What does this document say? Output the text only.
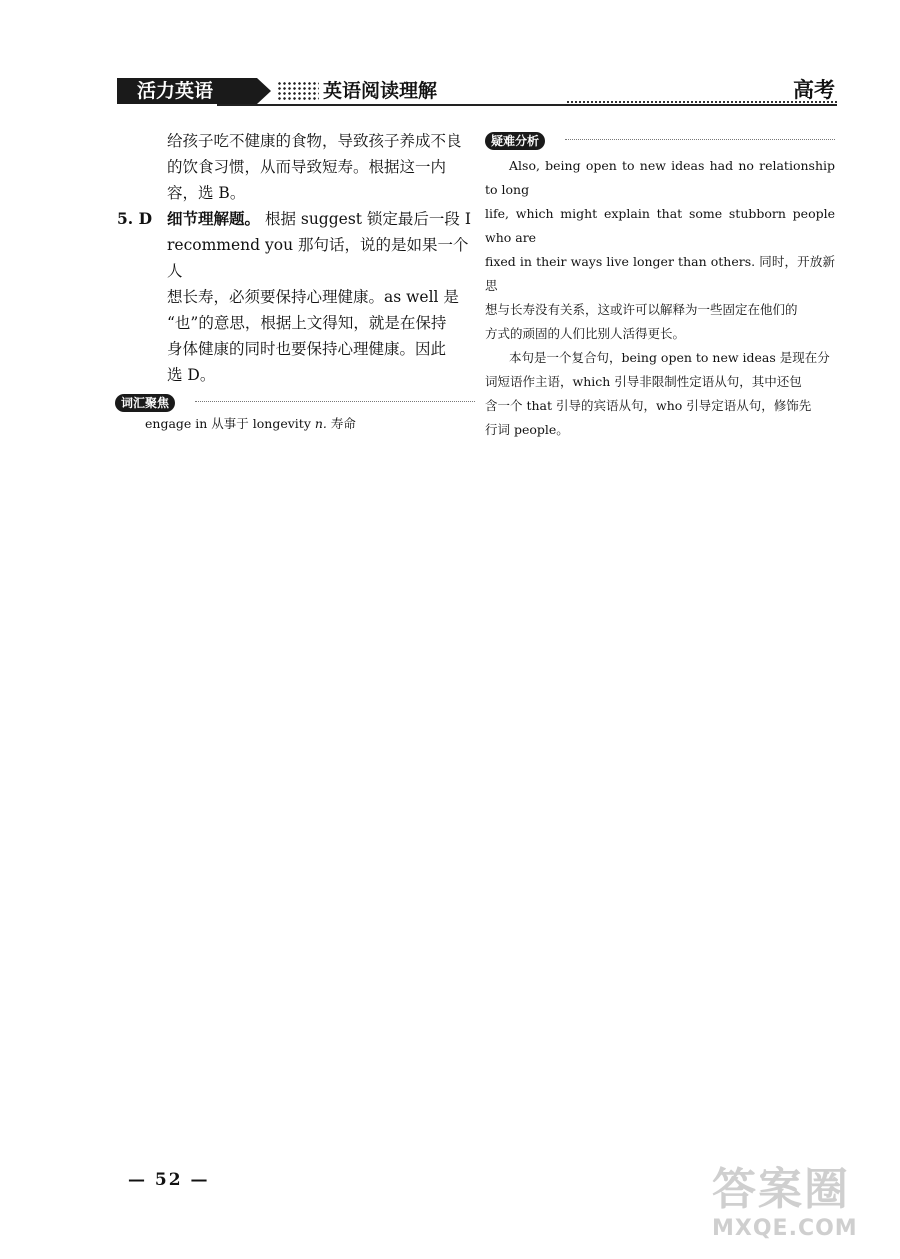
活力英语	英语阅读理解	高考

给孩子吃不健康的食物，导致孩子养成不良

的饮食习惯，从而导致短寿。根据这一内

容，选 B。

5. D 细节理解题。 根据 suggest 锁定最后一段 I

recommend you 那句话，说的是如果一个人

想长寿，必须要保持心理健康。as well 是

“也”的意思，根据上文得知，就是在保持

身体健康的同时也要保持心理健康。因此

选 D。

词汇聚焦

engage in 从事于 longevity n. 寿命

疑难分析

Also, being open to new ideas had no relationship to long

life, which might explain that some stubborn people who are

fixed in their ways live longer than others. 同时，开放新思

想与长寿没有关系，这或许可以解释为一些固定在他们的

方式的顽固的人们比别人活得更长。

本句是一个复合句，being open to new ideas 是现在分

词短语作主语，which 引导非限制性定语从句，其中还包

含一个 that 引导的宾语从句，who 引导定语从句，修饰先

行词 people。

— 52 —	答案圈
MXQE.COM
